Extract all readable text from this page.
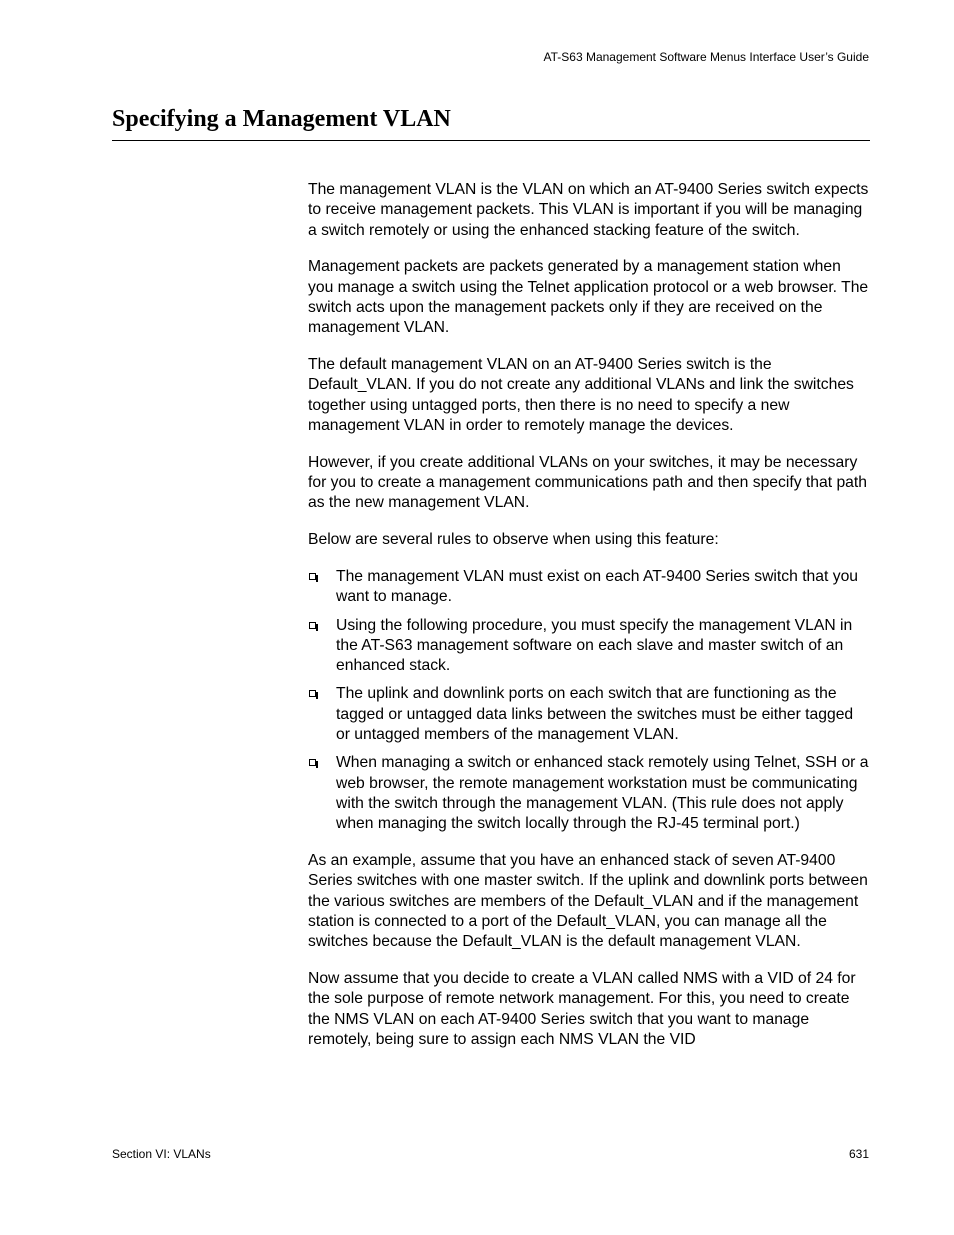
AT-S63 Management Software Menus Interface User’s Guide
Specifying a Management VLAN

The management VLAN is the VLAN on which an AT-9400 Series switch expects to receive management packets. This VLAN is important if you will be managing a switch remotely or using the enhanced stacking feature of the switch.

Management packets are packets generated by a management station when you manage a switch using the Telnet application protocol or a web browser. The switch acts upon the management packets only if they are received on the management VLAN.

The default management VLAN on an AT-9400 Series switch is the Default_VLAN. If you do not create any additional VLANs and link the switches together using untagged ports, then there is no need to specify a new management VLAN in order to remotely manage the devices.

However, if you create additional VLANs on your switches, it may be necessary for you to create a management communications path and then specify that path as the new management VLAN.

Below are several rules to observe when using this feature:

The management VLAN must exist on each AT-9400 Series switch that you want to manage.
Using the following procedure, you must specify the management VLAN in the AT-S63 management software on each slave and master switch of an enhanced stack.
The uplink and downlink ports on each switch that are functioning as the tagged or untagged data links between the switches must be either tagged or untagged members of the management VLAN.
When managing a switch or enhanced stack remotely using Telnet, SSH or a web browser, the remote management workstation must be communicating with the switch through the management VLAN. (This rule does not apply when managing the switch locally through the RJ-45 terminal port.)

As an example, assume that you have an enhanced stack of seven AT-9400 Series switches with one master switch. If the uplink and downlink ports between the various switches are members of the Default_VLAN and if the management station is connected to a port of the Default_VLAN, you can manage all the switches because the Default_VLAN is the default management VLAN.

Now assume that you decide to create a VLAN called NMS with a VID of 24 for the sole purpose of remote network management. For this, you need to create the NMS VLAN on each AT-9400 Series switch that you want to manage remotely, being sure to assign each NMS VLAN the VID

Section VI: VLANs	631
